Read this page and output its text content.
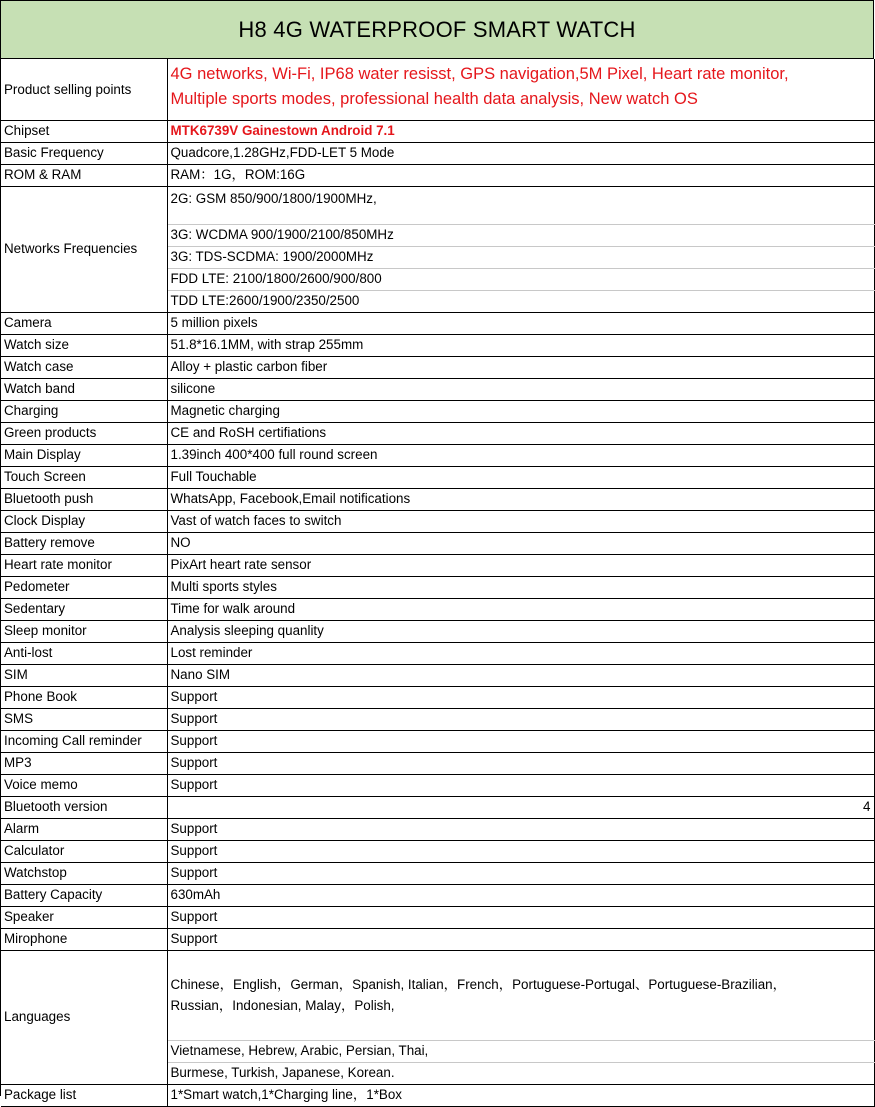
H8 4G WATERPROOF SMART WATCH
Product selling points	4G networks, Wi-Fi, IP68 water resisst, GPS navigation,5M Pixel, Heart rate monitor,
Multiple sports modes, professional health data analysis, New watch OS

Chipset	MTK6739V Gainestown Android 7.1
Basic Frequency	Quadcore,1.28GHz,FDD-LET 5 Mode
ROM & RAM	RAM：1G，ROM:16G
Networks Frequencies	2G: GSM 850/900/1800/1900MHz,
	3G: WCDMA 900/1900/2100/850MHz
	3G: TDS-SCDMA: 1900/2000MHz
	FDD LTE: 2100/1800/2600/900/800
	TDD LTE:2600/1900/2350/2500
Camera	5 million pixels
Watch size	51.8*16.1MM, with strap 255mm
Watch case	Alloy + plastic carbon fiber
Watch band	silicone
Charging	Magnetic charging
Green products	CE and RoSH certifiations
Main Display	1.39inch 400*400 full round screen
Touch Screen	Full Touchable
Bluetooth push	WhatsApp, Facebook,Email notifications
Clock Display	Vast of watch faces to switch
Battery remove	NO
Heart rate monitor	PixArt heart rate sensor
Pedometer	Multi sports styles
Sedentary	Time for walk around
Sleep monitor	Analysis sleeping quanlity
Anti-lost	Lost reminder
SIM	Nano SIM
Phone Book	Support
SMS	Support
Incoming Call reminder	Support
MP3	Support
Voice memo	Support
Bluetooth version	4
Alarm	Support
Calculator	Support
Watchstop	Support
Battery Capacity	630mAh
Speaker	Support
Mirophone	Support
Languages	Chinese，English，German，Spanish, Italian，French，Portuguese-Portugal、Portuguese-Brazilian，
Russian，Indonesian, Malay，Polish,

	Vietnamese, Hebrew, Arabic, Persian, Thai,
	Burmese, Turkish, Japanese, Korean.
Package list	1*Smart watch,1*Charging line，1*Box
